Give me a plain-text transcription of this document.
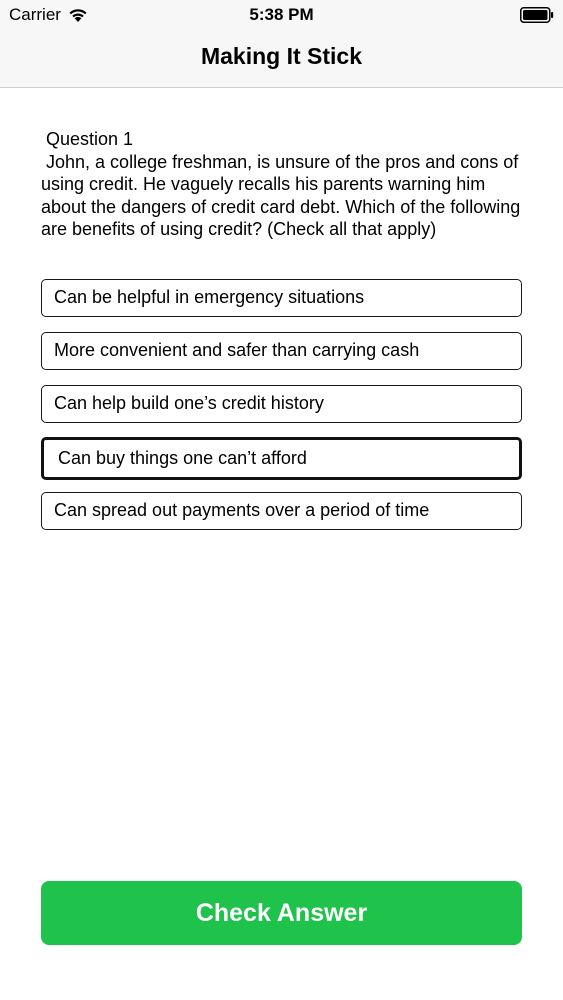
Carrier	5:38 PM
Making It Stick
Question 1
John, a college freshman, is unsure of the pros and cons of using credit. He vaguely recalls his parents warning him about the dangers of credit card debt. Which of the following are benefits of using credit? (Check all that apply)
Can be helpful in emergency situations
More convenient and safer than carrying cash
Can help build one’s credit history
Can buy things one can’t afford
Can spread out payments over a period of time
Check Answer
